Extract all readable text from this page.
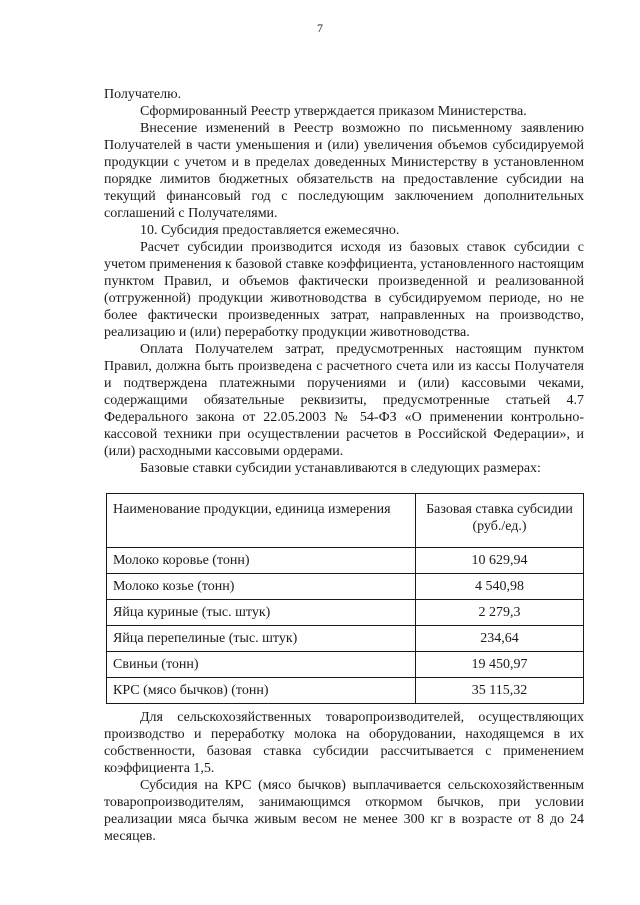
7

Получателю.

Сформированный Реестр утверждается приказом Министерства.

Внесение изменений в Реестр возможно по письменному заявлению Получателей в части уменьшения и (или) увеличения объемов субсидируемой продукции с учетом и в пределах доведенных Министерству в установленном порядке лимитов бюджетных обязательств на предоставление субсидии на текущий финансовый год с последующим заключением дополнительных соглашений с Получателями.

10. Субсидия предоставляется ежемесячно.

Расчет субсидии производится исходя из базовых ставок субсидии с учетом применения к базовой ставке коэффициента, установленного настоящим пунктом Правил, и объемов фактически произведенной и реализованной (отгруженной) продукции животноводства в субсидируемом периоде, но не более фактически произведенных затрат, направленных на производство, реализацию и (или) переработку продукции животноводства.

Оплата Получателем затрат, предусмотренных настоящим пунктом Правил, должна быть произведена с расчетного счета или из кассы Получателя и подтверждена платежными поручениями и (или) кассовыми чеками, содержащими обязательные реквизиты, предусмотренные статьей 4.7 Федерального закона от 22.05.2003 № 54-ФЗ «О применении контрольно-кассовой техники при осуществлении расчетов в Российской Федерации», и (или) расходными кассовыми ордерами.

Базовые ставки субсидии устанавливаются в следующих размерах:

Наименование продукции, единица измерения	Базовая ставка субсидии (руб./ед.)
Молоко коровье (тонн)	10 629,94
Молоко козье (тонн)	4 540,98
Яйца куриные (тыс. штук)	2 279,3
Яйца перепелиные (тыс. штук)	234,64
Свиньи (тонн)	19 450,97
КРС (мясо бычков) (тонн)	35 115,32

Для сельскохозяйственных товаропроизводителей, осуществляющих производство и переработку молока на оборудовании, находящемся в их собственности, базовая ставка субсидии рассчитывается с применением коэффициента 1,5.

Субсидия на КРС (мясо бычков) выплачивается сельскохозяйственным товаропроизводителям, занимающимся откормом бычков, при условии реализации мяса бычка живым весом не менее 300 кг в возрасте от 8 до 24 месяцев.
